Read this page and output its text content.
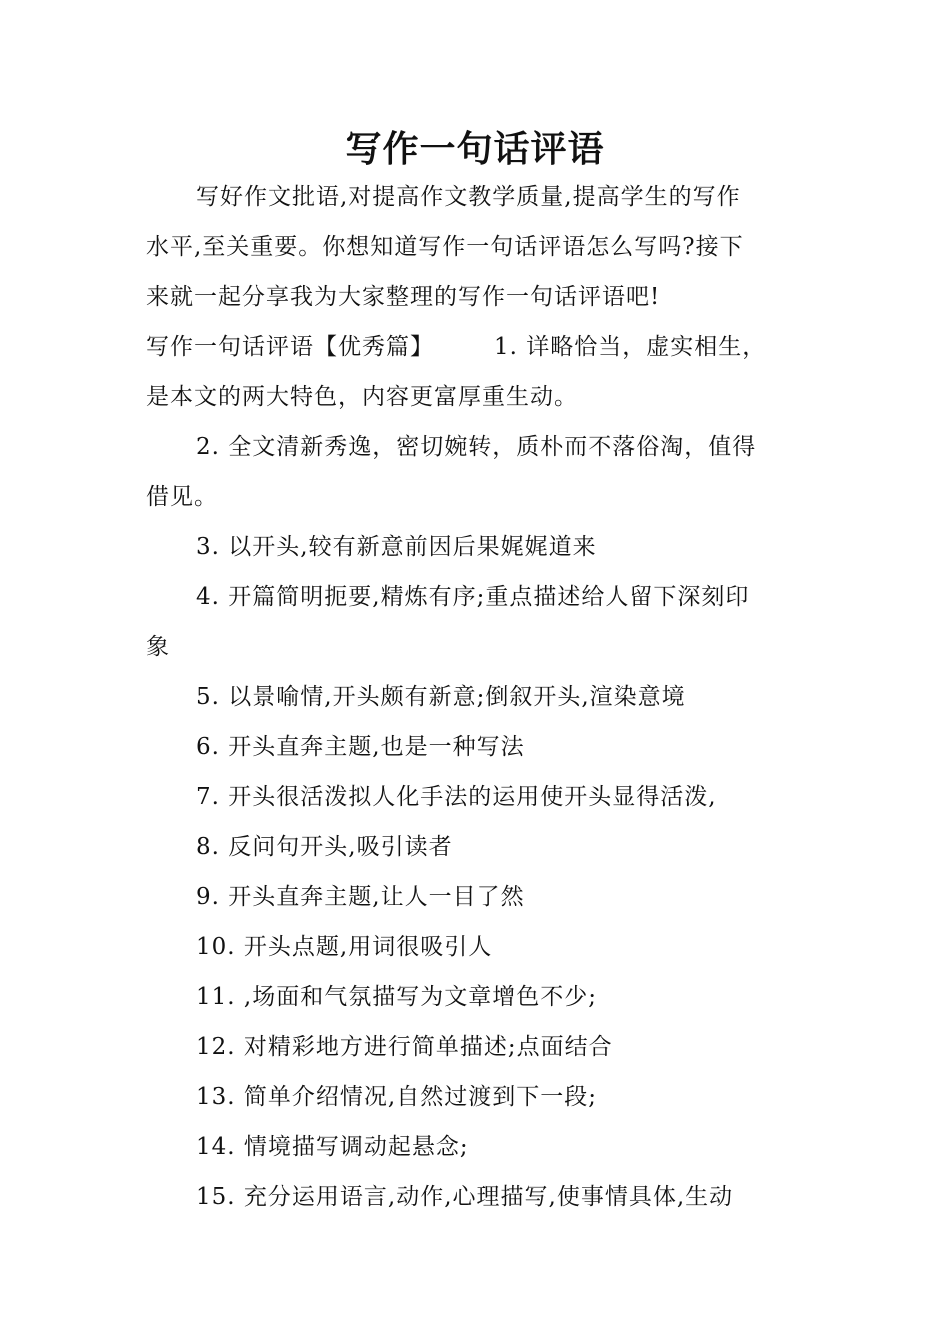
写作一句话评语
写好作文批语,对提高作文教学质量,提高学生的写作
水平,至关重要。你想知道写作一句话评语怎么写吗?接下
来就一起分享我为大家整理的写作一句话评语吧!
写作一句话评语【优秀篇】	1. 详略恰当，虚实相生，
是本文的两大特色，内容更富厚重生动。
2. 全文清新秀逸，密切婉转，质朴而不落俗淘，值得
借见。
3. 以开头,较有新意前因后果娓娓道来
4. 开篇简明扼要,精炼有序;重点描述给人留下深刻印
象
5. 以景喻情,开头颇有新意;倒叙开头,渲染意境
6. 开头直奔主题,也是一种写法
7. 开头很活泼拟人化手法的运用使开头显得活泼,
8. 反问句开头,吸引读者
9. 开头直奔主题,让人一目了然
10. 开头点题,用词很吸引人
11. ,场面和气氛描写为文章增色不少;
12. 对精彩地方进行简单描述;点面结合
13. 简单介绍情况,自然过渡到下一段;
14. 情境描写调动起悬念;
15. 充分运用语言,动作,心理描写,使事情具体,生动
